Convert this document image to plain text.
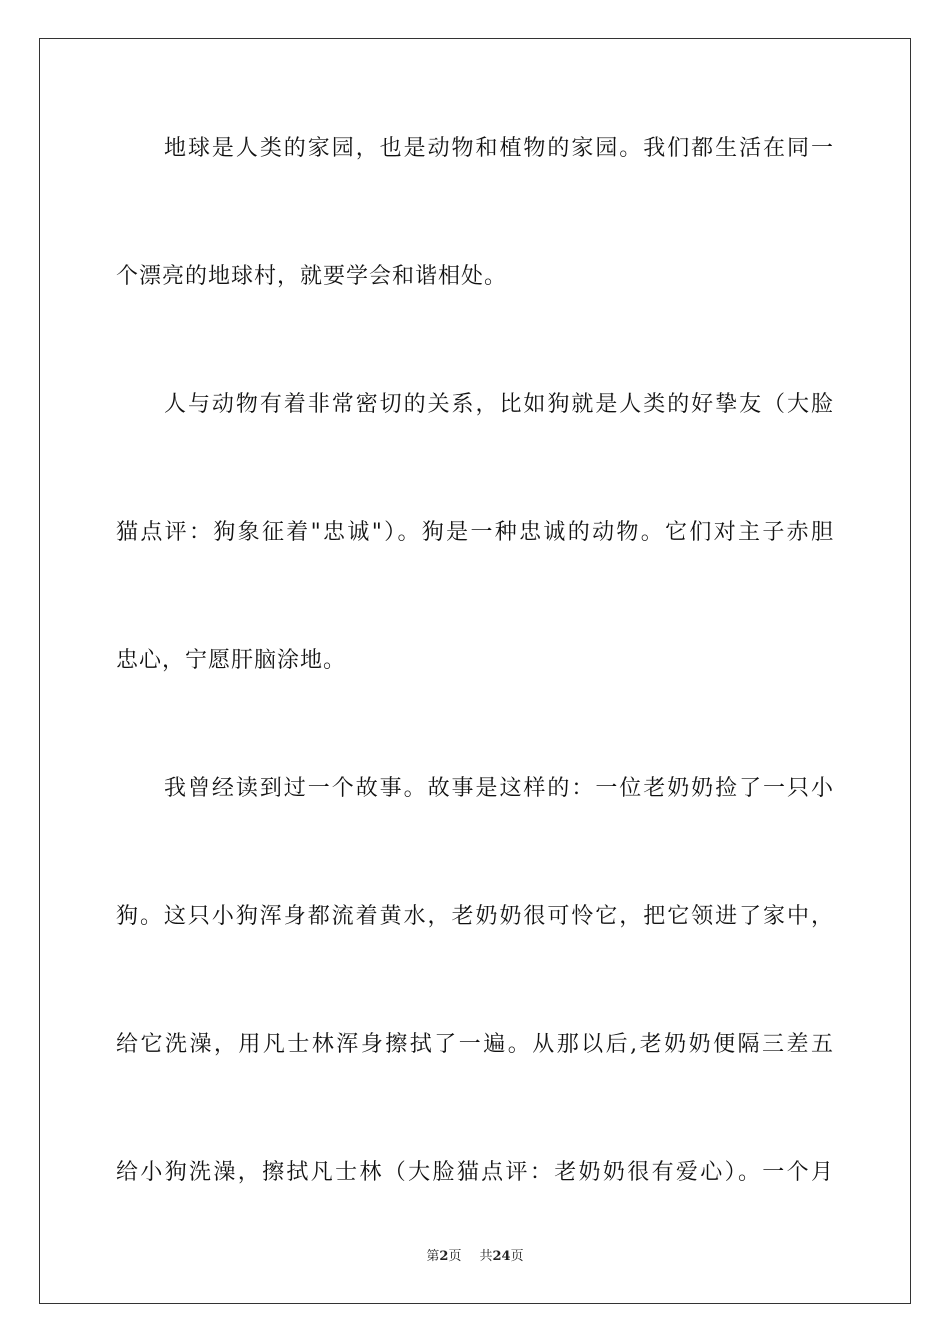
地球是人类的家园，也是动物和植物的家园。我们都生活在同一
个漂亮的地球村，就要学会和谐相处。
人与动物有着非常密切的关系，比如狗就是人类的好挚友（大脸
猫点评：狗象征着"忠诚"）。狗是一种忠诚的动物。它们对主子赤胆
忠心，宁愿肝脑涂地。
我曾经读到过一个故事。故事是这样的：一位老奶奶捡了一只小
狗。这只小狗浑身都流着黄水，老奶奶很可怜它，把它领进了家中，
给它洗澡，用凡士林浑身擦拭了一遍。从那以后,老奶奶便隔三差五
给小狗洗澡，擦拭凡士林（大脸猫点评：老奶奶很有爱心）。一个月
第2页 共24页
